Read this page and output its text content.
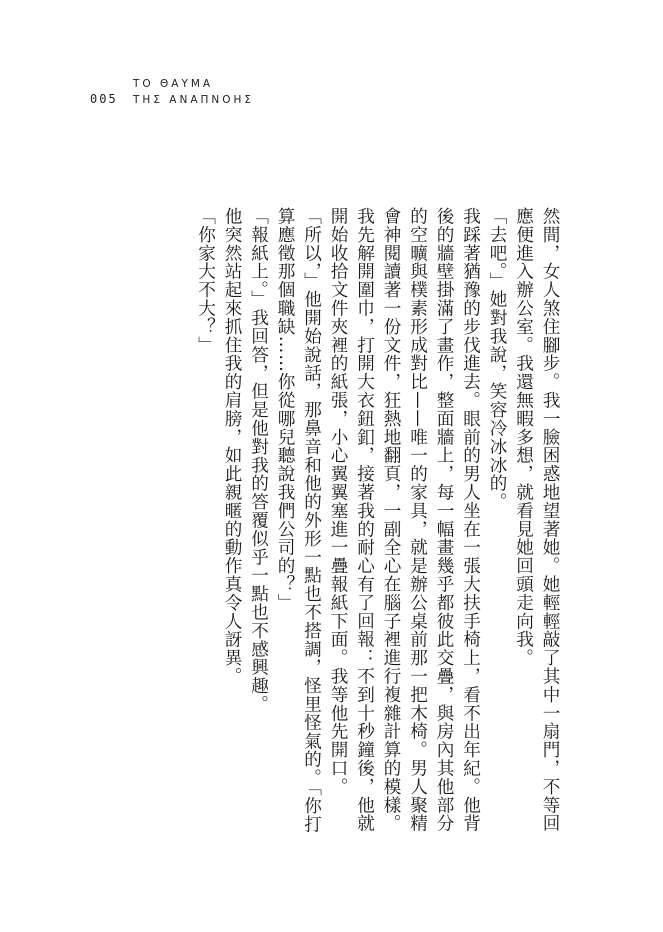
005
ΤΟ ΘΑΥΜΑ
ΤΗΣ ΑΝΑΠΝΟΗΣ

然間，女人煞住腳步。我一臉困惑地望著她。她輕輕敲了其中一扇門，不等回應便進入辦公室。我還無暇多想，就看見她回頭走向我。

「去吧。」她對我說，笑容冷冰冰的。

我踩著猶豫的步伐進去。眼前的男人坐在一張大扶手椅上，看不出年紀。他背後的牆壁掛滿了畫作，整面牆上，每一幅畫幾乎都彼此交疊，與房內其他部分的空曠與樸素形成對比——唯一的家具，就是辦公桌前那一把木椅。男人聚精會神閱讀著一份文件，狂熱地翻頁，一副全心在腦子裡進行複雜計算的模樣。我先解開圍巾，打開大衣鈕釦，接著我的耐心有了回報：不到十秒鐘後，他就開始收拾文件夾裡的紙張，小心翼翼塞進一疊報紙下面。我等他先開口。

「所以，」他開始說話，那鼻音和他的外形一點也不搭調，怪里怪氣的。「你打算應徵那個職缺……你從哪兒聽說我們公司的？」

「報紙上。」我回答，但是他對我的答覆似乎一點也不感興趣。

他突然站起來抓住我的肩膀，如此親暱的動作真令人訝異。

「你家大不大？」
